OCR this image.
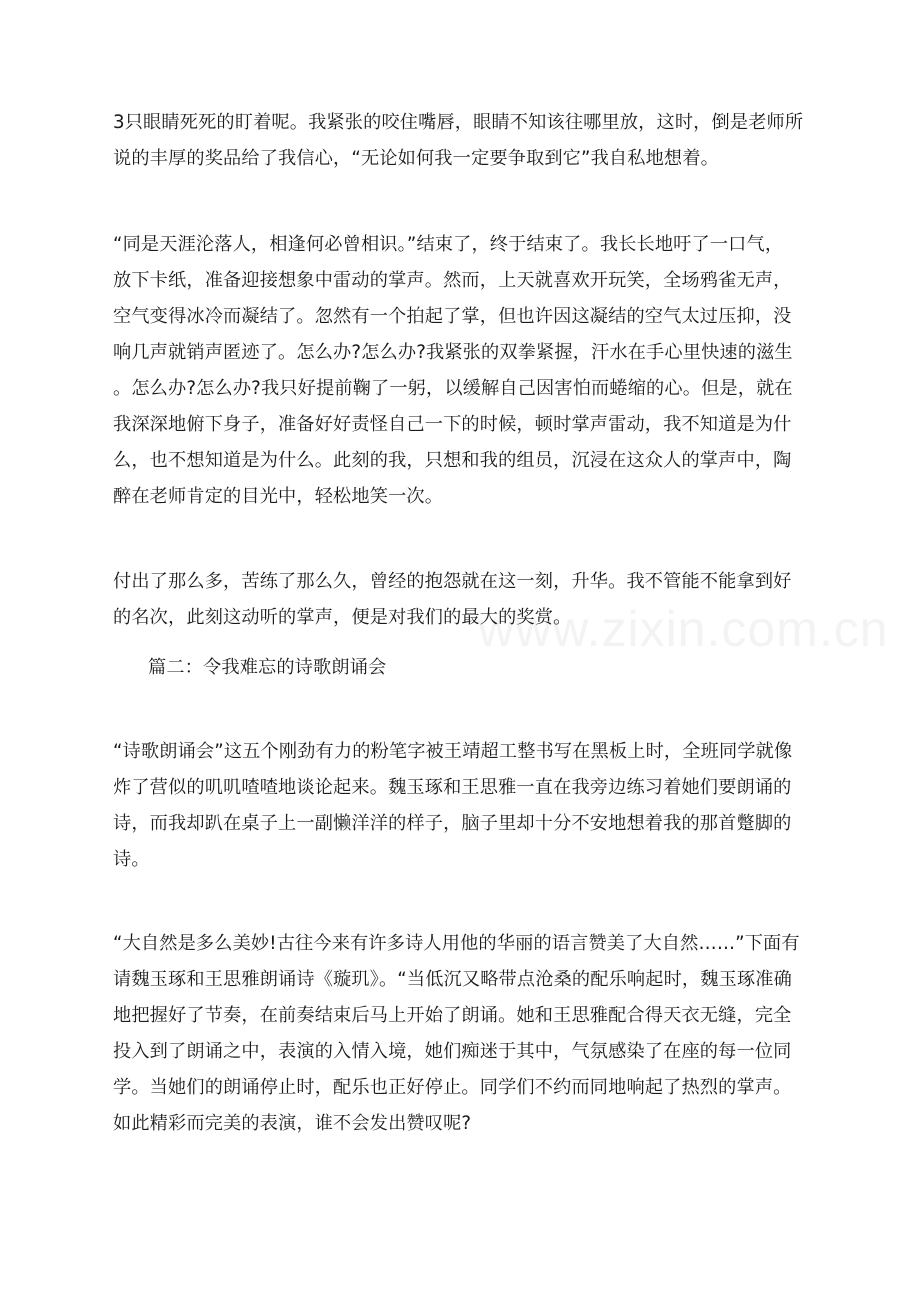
www.zixin.com.cn
3只眼睛死死的盯着呢。我紧张的咬住嘴唇，眼睛不知该往哪里放，这时，倒是老师所
说的丰厚的奖品给了我信心，“无论如何我一定要争取到它”我自私地想着。
“同是天涯沦落人，相逢何必曾相识。”结束了，终于结束了。我长长地吁了一口气，
放下卡纸，准备迎接想象中雷动的掌声。然而，上天就喜欢开玩笑，全场鸦雀无声，
空气变得冰冷而凝结了。忽然有一个拍起了掌，但也许因这凝结的空气太过压抑，没
响几声就销声匿迹了。怎么办?怎么办?我紧张的双拳紧握，汗水在手心里快速的滋生
。怎么办?怎么办?我只好提前鞠了一躬，以缓解自己因害怕而蜷缩的心。但是，就在
我深深地俯下身子，准备好好责怪自己一下的时候，顿时掌声雷动，我不知道是为什
么，也不想知道是为什么。此刻的我，只想和我的组员，沉浸在这众人的掌声中，陶
醉在老师肯定的目光中，轻松地笑一次。
付出了那么多，苦练了那么久，曾经的抱怨就在这一刻，升华。我不管能不能拿到好
的名次，此刻这动听的掌声，便是对我们的最大的奖赏。
篇二：令我难忘的诗歌朗诵会
“诗歌朗诵会”这五个刚劲有力的粉笔字被王靖超工整书写在黑板上时，全班同学就像
炸了营似的叽叽喳喳地谈论起来。魏玉琢和王思雅一直在我旁边练习着她们要朗诵的
诗，而我却趴在桌子上一副懒洋洋的样子，脑子里却十分不安地想着我的那首蹩脚的
诗。
“大自然是多么美妙!古往今来有许多诗人用他的华丽的语言赞美了大自然……”下面有
请魏玉琢和王思雅朗诵诗《璇玑》。“当低沉又略带点沧桑的配乐响起时，魏玉琢准确
地把握好了节奏，在前奏结束后马上开始了朗诵。她和王思雅配合得天衣无缝，完全
投入到了朗诵之中，表演的入情入境，她们痴迷于其中，气氛感染了在座的每一位同
学。当她们的朗诵停止时，配乐也正好停止。同学们不约而同地响起了热烈的掌声。
如此精彩而完美的表演，谁不会发出赞叹呢?
